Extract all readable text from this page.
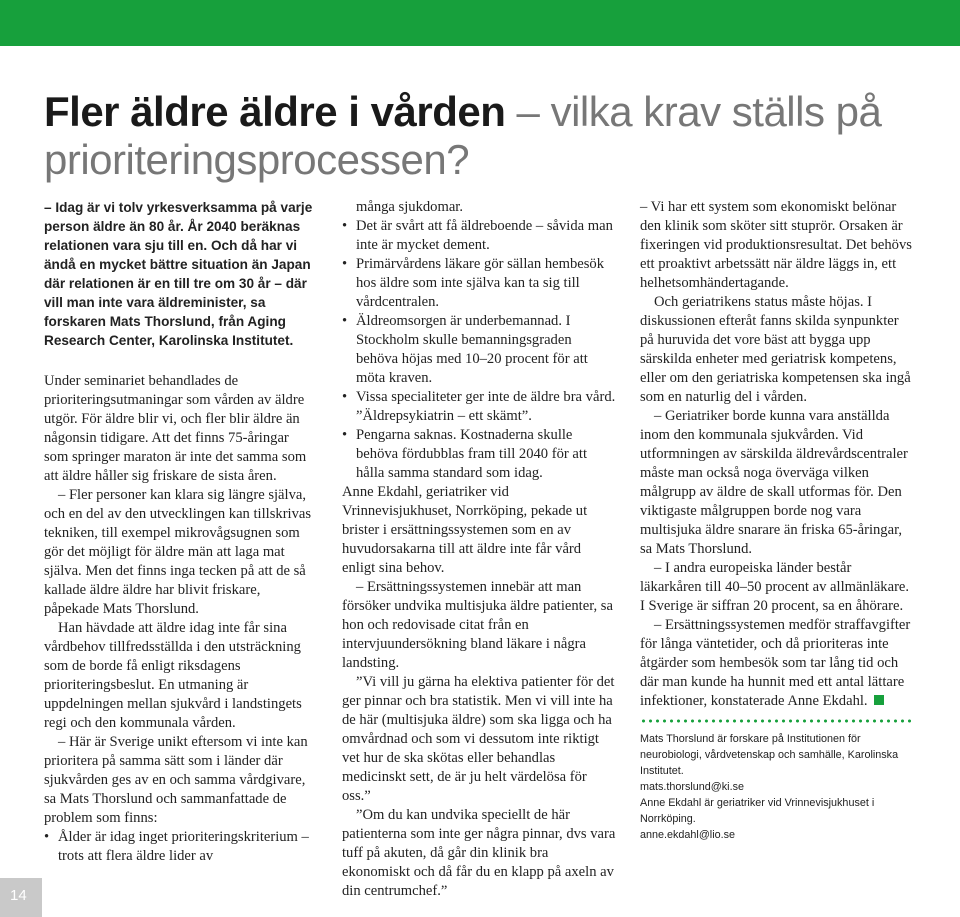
Fler äldre äldre i vården – vilka krav ställs på prioriteringsprocessen?

– Idag är vi tolv yrkesverksamma på varje person äldre än 80 år. År 2040 beräknas relationen vara sju till en. Och då har vi ändå en mycket bättre situation än Japan där relationen är en till tre om 30 år – där vill man inte vara äldreminister, sa forskaren Mats Thorslund, från Aging Research Center, Karolinska Institutet.

Under seminariet behandlades de prioriteringsutmaningar som vården av äldre utgör. För äldre blir vi, och fler blir äldre än någonsin tidigare. Att det finns 75-åringar som springer maraton är inte det samma som att äldre håller sig friskare de sista åren.

– Fler personer kan klara sig längre själva, och en del av den utvecklingen kan tillskrivas tekniken, till exempel mikrovågsugnen som gör det möjligt för äldre män att laga mat själva. Men det finns inga tecken på att de så kallade äldre äldre har blivit friskare, påpekade Mats Thorslund.

Han hävdade att äldre idag inte får sina vårdbehov tillfredsställda i den utsträckning som de borde få enligt riksdagens prioriteringsbeslut. En utmaning är uppdelningen mellan sjukvård i landstingets regi och den kommunala vården.

– Här är Sverige unikt eftersom vi inte kan prioritera på samma sätt som i länder där sjukvården ges av en och samma vårdgivare, sa Mats Thorslund och sammanfattade de problem som finns:

• Ålder är idag inget prioriteringskriterium – trots att flera äldre lider av

många sjukdomar.

• Det är svårt att få äldreboende – såvida man inte är mycket dement.
• Primärvårdens läkare gör sällan hembesök hos äldre som inte själva kan ta sig till vårdcentralen.
• Äldreomsorgen är underbemannad. I Stockholm skulle bemanningsgraden behöva höjas med 10–20 procent för att möta kraven.
• Vissa specialiteter ger inte de äldre bra vård. ”Äldrepsykiatrin – ett skämt”.
• Pengarna saknas. Kostnaderna skulle behöva fördubblas fram till 2040 för att hålla samma standard som idag.

Anne Ekdahl, geriatriker vid Vrinnevisjukhuset, Norrköping, pekade ut brister i ersättningssystemen som en av huvudorsakarna till att äldre inte får vård enligt sina behov.

– Ersättningssystemen innebär att man försöker undvika multisjuka äldre patienter, sa hon och redovisade citat från en intervjuundersökning bland läkare i några landsting.

”Vi vill ju gärna ha elektiva patienter för det ger pinnar och bra statistik. Men vi vill inte ha de här (multisjuka äldre) som ska ligga och ha omvårdnad och som vi dessutom inte riktigt vet hur de ska skötas eller behandlas medicinskt sett, de är ju helt värdelösa för oss.”

”Om du kan undvika speciellt de här patienterna som inte ger några pinnar, dvs vara tuff på akuten, då går din klinik bra ekonomiskt och då får du en klapp på axeln av din centrumchef.”

– Vi har ett system som ekonomiskt belönar den klinik som sköter sitt stuprör. Orsaken är fixeringen vid produktionsresultat. Det behövs ett proaktivt arbetssätt när äldre läggs in, ett helhetsomhändertagande.

Och geriatrikens status måste höjas. I diskussionen efteråt fanns skilda synpunkter på huruvida det vore bäst att bygga upp särskilda enheter med geriatrisk kompetens, eller om den geriatriska kompetensen ska ingå som en naturlig del i vården.

– Geriatriker borde kunna vara anställda inom den kommunala sjukvården. Vid utformningen av särskilda äldrevårdscentraler måste man också noga överväga vilken målgrupp av äldre de skall utformas för. Den viktigaste målgruppen borde nog vara multisjuka äldre snarare än friska 65-åringar, sa Mats Thorslund.

– I andra europeiska länder består läkarkåren till 40–50 procent av allmänläkare. I Sverige är siffran 20 procent, sa en åhörare.

– Ersättningssystemen medför straffavgifter för långa väntetider, och då prioriteras inte åtgärder som hembesök som tar lång tid och där man kunde ha hunnit med ett antal lättare infektioner, konstaterade Anne Ekdahl.

Mats Thorslund är forskare på Institutionen för neurobiologi, vårdvetenskap och samhälle, Karolinska Institutet.

mats.thorslund@ki.se

Anne Ekdahl är geriatriker vid Vrinnevisjukhuset i Norrköping.

anne.ekdahl@lio.se

14
